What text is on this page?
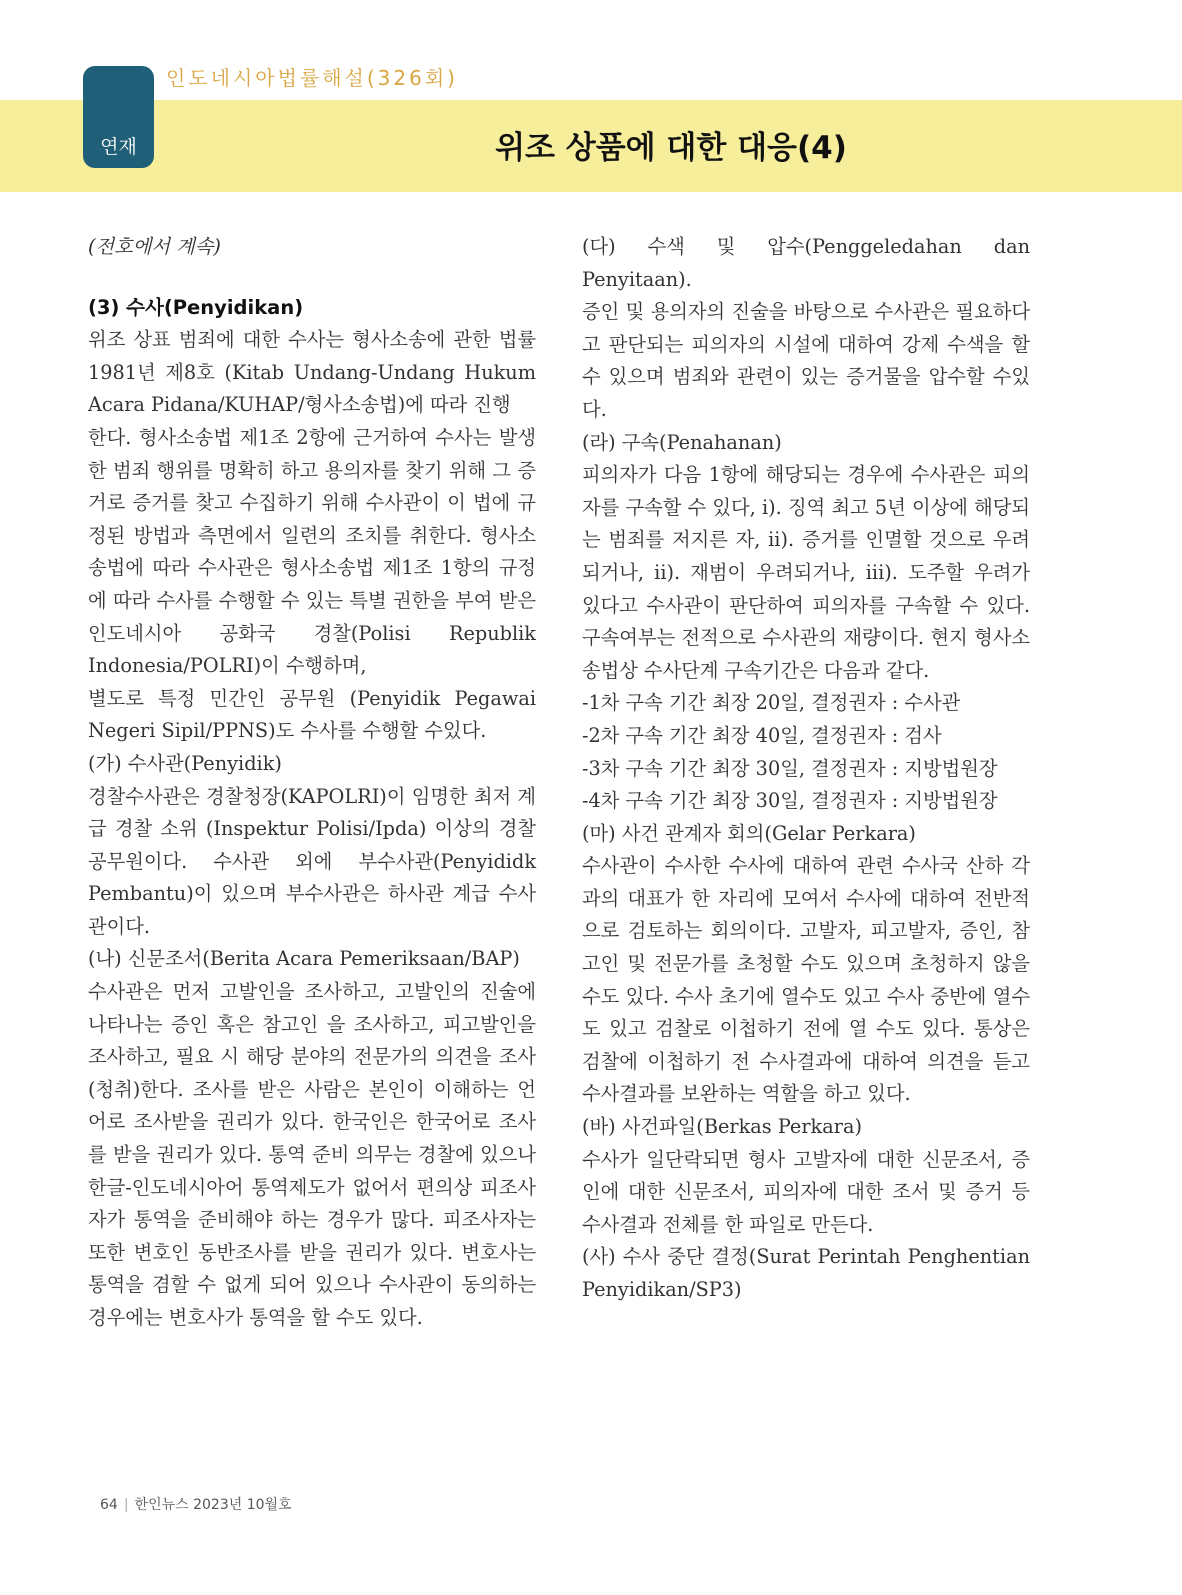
인도네시아법률해설(326회)
연재	위조 상품에 대한 대응(4)

(전호에서 계속)

(3) 수사(Penyidikan)

위조 상표 범죄에 대한 수사는 형사소송에 관한 법률 1981년 제8호 (Kitab Undang-Undang Hukum Acara Pidana/KUHAP/형사소송법)에 따라 진행

한다. 형사소송법 제1조 2항에 근거하여 수사는 발생한 범죄 행위를 명확히 하고 용의자를 찾기 위해 그 증거로 증거를 찾고 수집하기 위해 수사관이 이 법에 규정된 방법과 측면에서 일련의 조치를 취한다. 형사소송법에 따라 수사관은 형사소송법 제1조 1항의 규정에 따라 수사를 수행할 수 있는 특별 권한을 부여 받은 인도네시아 공화국 경찰(Polisi Republik Indonesia/POLRI)이 수행하며,

별도로 특정 민간인 공무원 (Penyidik Pegawai Negeri Sipil/PPNS)도 수사를 수행할 수있다.

(가) 수사관(Penyidik)

경찰수사관은 경찰청장(KAPOLRI)이 임명한 최저 계급 경찰 소위 (Inspektur Polisi/Ipda) 이상의 경찰 공무원이다. 수사관 외에 부수사관(Penyididk Pembantu)이 있으며 부수사관은 하사관 계급 수사관이다.

(나) 신문조서(Berita Acara Pemeriksaan/BAP)

수사관은 먼저 고발인을 조사하고, 고발인의 진술에 나타나는 증인 혹은 참고인 을 조사하고, 피고발인을 조사하고, 필요 시 해당 분야의 전문가의 의견을 조사 (청취)한다. 조사를 받은 사람은 본인이 이해하는 언어로 조사받을 권리가 있다. 한국인은 한국어로 조사를 받을 권리가 있다. 통역 준비 의무는 경찰에 있으나 한글-인도네시아어 통역제도가 없어서 편의상 피조사자가 통역을 준비해야 하는 경우가 많다. 피조사자는 또한 변호인 동반조사를 받을 권리가 있다. 변호사는 통역을 겸할 수 없게 되어 있으나 수사관이 동의하는 경우에는 변호사가 통역을 할 수도 있다.

(다) 수색 및 압수(Penggeledahan dan Penyitaan).

증인 및 용의자의 진술을 바탕으로 수사관은 필요하다고 판단되는 피의자의 시설에 대하여 강제 수색을 할 수 있으며 범죄와 관련이 있는 증거물을 압수할 수있다.

(라) 구속(Penahanan)

피의자가 다음 1항에 해당되는 경우에 수사관은 피의자를 구속할 수 있다, i). 징역 최고 5년 이상에 해당되는 범죄를 저지른 자, ii). 증거를 인멸할 것으로 우려되거나, ii). 재범이 우려되거나, iii). 도주할 우려가 있다고 수사관이 판단하여 피의자를 구속할 수 있다. 구속여부는 전적으로 수사관의 재량이다. 현지 형사소송법상 수사단계 구속기간은 다음과 같다.

-1차 구속 기간 최장 20일, 결정권자 : 수사관

-2차 구속 기간 최장 40일, 결정권자 : 검사

-3차 구속 기간 최장 30일, 결정권자 : 지방법원장

-4차 구속 기간 최장 30일, 결정권자 : 지방법원장

(마) 사건 관계자 회의(Gelar Perkara)

수사관이 수사한 수사에 대하여 관련 수사국 산하 각과의 대표가 한 자리에 모여서 수사에 대하여 전반적으로 검토하는 회의이다. 고발자, 피고발자, 증인, 참고인 및 전문가를 초청할 수도 있으며 초청하지 않을 수도 있다. 수사 초기에 열수도 있고 수사 중반에 열수도 있고 검찰로 이첩하기 전에 열 수도 있다. 통상은 검찰에 이첩하기 전 수사결과에 대하여 의견을 듣고 수사결과를 보완하는 역할을 하고 있다.

(바) 사건파일(Berkas Perkara)

수사가 일단락되면 형사 고발자에 대한 신문조서, 증인에 대한 신문조서, 피의자에 대한 조서 및 증거 등 수사결과 전체를 한 파일로 만든다.

(사) 수사 중단 결정(Surat Perintah Penghentian Penyidikan/SP3)

64 | 한인뉴스 2023년 10월호
